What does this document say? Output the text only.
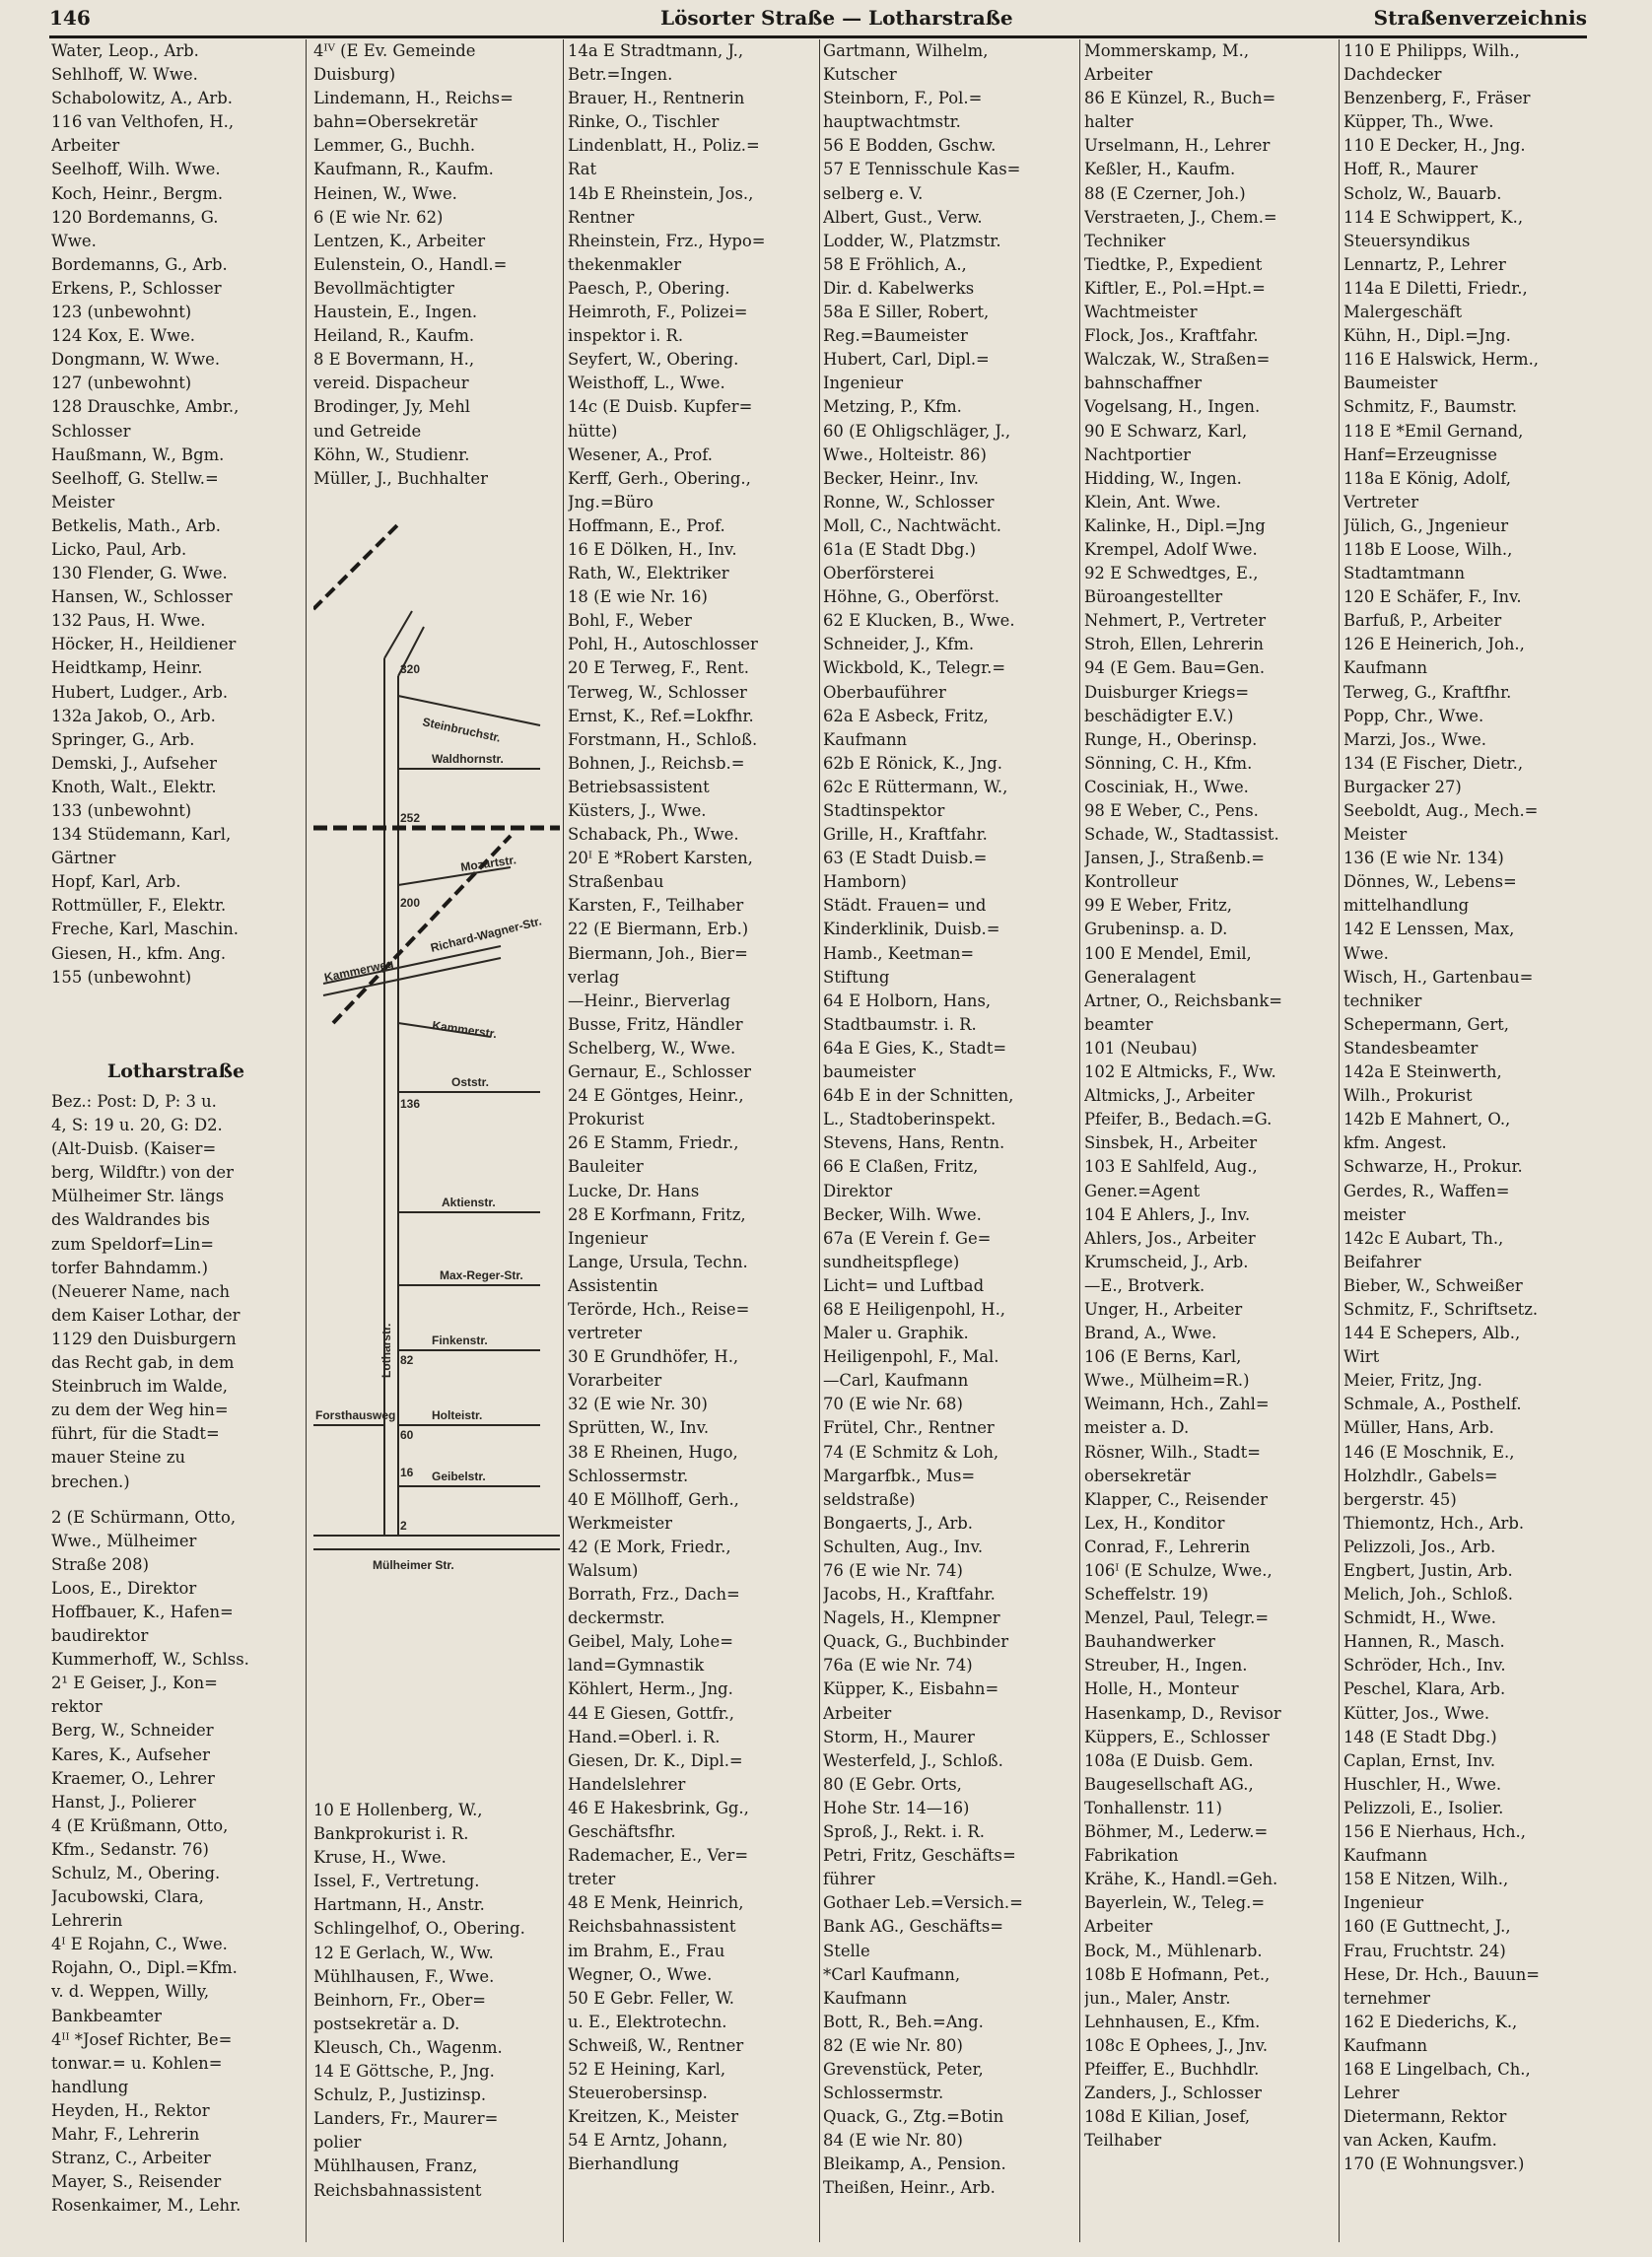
146	Lösorter Straße — Lotharstraße	Straßenverzeichnis
Water, Leop., Arb.
Sehlhoff, W. Wwe.
Schabolowitz, A., Arb.
116 van Velthofen, H.,
Arbeiter
Seelhoff, Wilh. Wwe.
Koch, Heinr., Bergm.
120 Bordemanns, G.
Wwe.
Bordemanns, G., Arb.
Erkens, P., Schlosser
123 (unbewohnt)
124 Kox, E. Wwe.
Dongmann, W. Wwe.
127 (unbewohnt)
128 Drauschke, Ambr.,
Schlosser
Haußmann, W., Bgm.
Seelhoff, G. Stellw.=
Meister
Betkelis, Math., Arb.
Licko, Paul, Arb.
130 Flender, G. Wwe.
Hansen, W., Schlosser
132 Paus, H. Wwe.
Höcker, H., Heildiener
Heidtkamp, Heinr.
Hubert, Ludger., Arb.
132a Jakob, O., Arb.
Springer, G., Arb.
Demski, J., Aufseher
Knoth, Walt., Elektr.
133 (unbewohnt)
134 Stüdemann, Karl,
Gärtner
Hopf, Karl, Arb.
Rottmüller, F., Elektr.
Freche, Karl, Maschin.
Giesen, H., kfm. Ang.
155 (unbewohnt)
Lotharstraße
Bez.: Post: D, P: 3 u.
4, S: 19 u. 20, G: D2.
(Alt-Duisb. (Kaiser=
berg, Wildftr.) von der
Mülheimer Str. längs
des Waldrandes bis
zum Speldorf=Lin=
torfer Bahndamm.)
(Neuerer Name, nach
dem Kaiser Lothar, der
1129 den Duisburgern
das Recht gab, in dem
Steinbruch im Walde,
zu dem der Weg hin=
führt, für die Stadt=
mauer Steine zu
brechen.)
2 (E Schürmann, Otto,
Wwe., Mülheimer
Straße 208)
Loos, E., Direktor
Hoffbauer, K., Hafen=
baudirektor
Kummerhoff, W., Schlss.
2¹ E Geiser, J., Kon=
rektor
Berg, W., Schneider
Kares, K., Aufseher
Kraemer, O., Lehrer
Hanst, J., Polierer
4 (E Krüßmann, Otto,
Kfm., Sedanstr. 76)
Schulz, M., Obering.
Jacubowski, Clara,
Lehrerin
4ᴵ E Rojahn, C., Wwe.
Rojahn, O., Dipl.=Kfm.
v. d. Weppen, Willy,
Bankbeamter
4ᴵᴵ *Josef Richter, Be=
tonwar.= u. Kohlen=
handlung
Heyden, H., Rektor
Mahr, F., Lehrerin
Stranz, C., Arbeiter
Mayer, S., Reisender
Rosenkaimer, M., Lehr.
4ᴵⱽ (E Ev. Gemeinde
Duisburg)
Lindemann, H., Reichs=
bahn=Obersekretär
Lemmer, G., Buchh.
Kaufmann, R., Kaufm.
Heinen, W., Wwe.
6 (E wie Nr. 62)
Lentzen, K., Arbeiter
Eulenstein, O., Handl.=
Bevollmächtigter
Haustein, E., Ingen.
Heiland, R., Kaufm.
8 E Bovermann, H.,
vereid. Dispacheur
Brodinger, Jy, Mehl
und Getreide
Köhn, W., Studienr.
Müller, J., Buchhalter
Steinbruchstr.
Waldhornstr.
Mozartstr.
Richard-Wagner-Str.
Kammerweg
Kammerstr.
Oststr.
Aktienstr.
Max-Reger-Str.
Finkenstr.
Holteistr.
Geibelstr.
Forsthausweg
Lotharstr.
Mülheimer Str.
320
252
200
136
82
60
16
2
10 E Hollenberg, W.,
Bankprokurist i. R.
Kruse, H., Wwe.
Issel, F., Vertretung.
Hartmann, H., Anstr.
Schlingelhof, O., Obering.
12 E Gerlach, W., Ww.
Mühlhausen, F., Wwe.
Beinhorn, Fr., Ober=
postsekretär a. D.
Kleusch, Ch., Wagenm.
14 E Göttsche, P., Jng.
Schulz, P., Justizinsp.
Landers, Fr., Maurer=
polier
Mühlhausen, Franz,
Reichsbahnassistent
14a E Stradtmann, J.,
Betr.=Ingen.
Brauer, H., Rentnerin
Rinke, O., Tischler
Lindenblatt, H., Poliz.=
Rat
14b E Rheinstein, Jos.,
Rentner
Rheinstein, Frz., Hypo=
thekenmakler
Paesch, P., Obering.
Heimroth, F., Polizei=
inspektor i. R.
Seyfert, W., Obering.
Weisthoff, L., Wwe.
14c (E Duisb. Kupfer=
hütte)
Wesener, A., Prof.
Kerff, Gerh., Obering.,
Jng.=Büro
Hoffmann, E., Prof.
16 E Dölken, H., Inv.
Rath, W., Elektriker
18 (E wie Nr. 16)
Bohl, F., Weber
Pohl, H., Autoschlosser
20 E Terweg, F., Rent.
Terweg, W., Schlosser
Ernst, K., Ref.=Lokfhr.
Forstmann, H., Schloß.
Bohnen, J., Reichsb.=
Betriebsassistent
Küsters, J., Wwe.
Schaback, Ph., Wwe.
20ᴵ E *Robert Karsten,
Straßenbau
Karsten, F., Teilhaber
22 (E Biermann, Erb.)
Biermann, Joh., Bier=
verlag
—Heinr., Bierverlag
Busse, Fritz, Händler
Schelberg, W., Wwe.
Gernaur, E., Schlosser
24 E Göntges, Heinr.,
Prokurist
26 E Stamm, Friedr.,
Bauleiter
Lucke, Dr. Hans
28 E Korfmann, Fritz,
Ingenieur
Lange, Ursula, Techn.
Assistentin
Terörde, Hch., Reise=
vertreter
30 E Grundhöfer, H.,
Vorarbeiter
32 (E wie Nr. 30)
Sprütten, W., Inv.
38 E Rheinen, Hugo,
Schlossermstr.
40 E Möllhoff, Gerh.,
Werkmeister
42 (E Mork, Friedr.,
Walsum)
Borrath, Frz., Dach=
deckermstr.
Geibel, Maly, Lohe=
land=Gymnastik
Köhlert, Herm., Jng.
44 E Giesen, Gottfr.,
Hand.=Oberl. i. R.
Giesen, Dr. K., Dipl.=
Handelslehrer
46 E Hakesbrink, Gg.,
Geschäftsfhr.
Rademacher, E., Ver=
treter
48 E Menk, Heinrich,
Reichsbahnassistent
im Brahm, E., Frau
Wegner, O., Wwe.
50 E Gebr. Feller, W.
u. E., Elektrotechn.
Schweiß, W., Rentner
52 E Heining, Karl,
Steuerobersinsp.
Kreitzen, K., Meister
54 E Arntz, Johann,
Bierhandlung
Gartmann, Wilhelm,
Kutscher
Steinborn, F., Pol.=
hauptwachtmstr.
56 E Bodden, Gschw.
57 E Tennisschule Kas=
selberg e. V.
Albert, Gust., Verw.
Lodder, W., Platzmstr.
58 E Fröhlich, A.,
Dir. d. Kabelwerks
58a E Siller, Robert,
Reg.=Baumeister
Hubert, Carl, Dipl.=
Ingenieur
Metzing, P., Kfm.
60 (E Ohligschläger, J.,
Wwe., Holteistr. 86)
Becker, Heinr., Inv.
Ronne, W., Schlosser
Moll, C., Nachtwächt.
61a (E Stadt Dbg.)
Oberförsterei
Höhne, G., Oberförst.
62 E Klucken, B., Wwe.
Schneider, J., Kfm.
Wickbold, K., Telegr.=
Oberbauführer
62a E Asbeck, Fritz,
Kaufmann
62b E Rönick, K., Jng.
62c E Rüttermann, W.,
Stadtinspektor
Grille, H., Kraftfahr.
63 (E Stadt Duisb.=
Hamborn)
Städt. Frauen= und
Kinderklinik, Duisb.=
Hamb., Keetman=
Stiftung
64 E Holborn, Hans,
Stadtbaumstr. i. R.
64a E Gies, K., Stadt=
baumeister
64b E in der Schnitten,
L., Stadtoberinspekt.
Stevens, Hans, Rentn.
66 E Claßen, Fritz,
Direktor
Becker, Wilh. Wwe.
67a (E Verein f. Ge=
sundheitspflege)
Licht= und Luftbad
68 E Heiligenpohl, H.,
Maler u. Graphik.
Heiligenpohl, F., Mal.
—Carl, Kaufmann
70 (E wie Nr. 68)
Frütel, Chr., Rentner
74 (E Schmitz & Loh,
Margarfbk., Mus=
seldstraße)
Bongaerts, J., Arb.
Schulten, Aug., Inv.
76 (E wie Nr. 74)
Jacobs, H., Kraftfahr.
Nagels, H., Klempner
Quack, G., Buchbinder
76a (E wie Nr. 74)
Küpper, K., Eisbahn=
Arbeiter
Storm, H., Maurer
Westerfeld, J., Schloß.
80 (E Gebr. Orts,
Hohe Str. 14—16)
Sproß, J., Rekt. i. R.
Petri, Fritz, Geschäfts=
führer
Gothaer Leb.=Versich.=
Bank AG., Geschäfts=
Stelle
*Carl Kaufmann,
Kaufmann
Bott, R., Beh.=Ang.
82 (E wie Nr. 80)
Grevenstück, Peter,
Schlossermstr.
Quack, G., Ztg.=Botin
84 (E wie Nr. 80)
Bleikamp, A., Pension.
Theißen, Heinr., Arb.
Mommerskamp, M.,
Arbeiter
86 E Künzel, R., Buch=
halter
Urselmann, H., Lehrer
Keßler, H., Kaufm.
88 (E Czerner, Joh.)
Verstraeten, J., Chem.=
Techniker
Tiedtke, P., Expedient
Kiftler, E., Pol.=Hpt.=
Wachtmeister
Flock, Jos., Kraftfahr.
Walczak, W., Straßen=
bahnschaffner
Vogelsang, H., Ingen.
90 E Schwarz, Karl,
Nachtportier
Hidding, W., Ingen.
Klein, Ant. Wwe.
Kalinke, H., Dipl.=Jng
Krempel, Adolf Wwe.
92 E Schwedtges, E.,
Büroangestellter
Nehmert, P., Vertreter
Stroh, Ellen, Lehrerin
94 (E Gem. Bau=Gen.
Duisburger Kriegs=
beschädigter E.V.)
Runge, H., Oberinsp.
Sönning, C. H., Kfm.
Cosciniak, H., Wwe.
98 E Weber, C., Pens.
Schade, W., Stadtassist.
Jansen, J., Straßenb.=
Kontrolleur
99 E Weber, Fritz,
Grubeninsp. a. D.
100 E Mendel, Emil,
Generalagent
Artner, O., Reichsbank=
beamter
101 (Neubau)
102 E Altmicks, F., Ww.
Altmicks, J., Arbeiter
Pfeifer, B., Bedach.=G.
Sinsbek, H., Arbeiter
103 E Sahlfeld, Aug.,
Gener.=Agent
104 E Ahlers, J., Inv.
Ahlers, Jos., Arbeiter
Krumscheid, J., Arb.
—E., Brotverk.
Unger, H., Arbeiter
Brand, A., Wwe.
106 (E Berns, Karl,
Wwe., Mülheim=R.)
Weimann, Hch., Zahl=
meister a. D.
Rösner, Wilh., Stadt=
obersekretär
Klapper, C., Reisender
Lex, H., Konditor
Conrad, F., Lehrerin
106ᴵ (E Schulze, Wwe.,
Scheffelstr. 19)
Menzel, Paul, Telegr.=
Bauhandwerker
Streuber, H., Ingen.
Holle, H., Monteur
Hasenkamp, D., Revisor
Küppers, E., Schlosser
108a (E Duisb. Gem.
Baugesellschaft AG.,
Tonhallenstr. 11)
Böhmer, M., Lederw.=
Fabrikation
Krähe, K., Handl.=Geh.
Bayerlein, W., Teleg.=
Arbeiter
Bock, M., Mühlenarb.
108b E Hofmann, Pet.,
jun., Maler, Anstr.
Lehnhausen, E., Kfm.
108c E Ophees, J., Jnv.
Pfeiffer, E., Buchhdlr.
Zanders, J., Schlosser
108d E Kilian, Josef,
Teilhaber
110 E Philipps, Wilh.,
Dachdecker
Benzenberg, F., Fräser
Küpper, Th., Wwe.
110 E Decker, H., Jng.
Hoff, R., Maurer
Scholz, W., Bauarb.
114 E Schwippert, K.,
Steuersyndikus
Lennartz, P., Lehrer
114a E Diletti, Friedr.,
Malergeschäft
Kühn, H., Dipl.=Jng.
116 E Halswick, Herm.,
Baumeister
Schmitz, F., Baumstr.
118 E *Emil Gernand,
Hanf=Erzeugnisse
118a E König, Adolf,
Vertreter
Jülich, G., Jngenieur
118b E Loose, Wilh.,
Stadtamtmann
120 E Schäfer, F., Inv.
Barfuß, P., Arbeiter
126 E Heinerich, Joh.,
Kaufmann
Terweg, G., Kraftfhr.
Popp, Chr., Wwe.
Marzi, Jos., Wwe.
134 (E Fischer, Dietr.,
Burgacker 27)
Seeboldt, Aug., Mech.=
Meister
136 (E wie Nr. 134)
Dönnes, W., Lebens=
mittelhandlung
142 E Lenssen, Max,
Wwe.
Wisch, H., Gartenbau=
techniker
Schepermann, Gert,
Standesbeamter
142a E Steinwerth,
Wilh., Prokurist
142b E Mahnert, O.,
kfm. Angest.
Schwarze, H., Prokur.
Gerdes, R., Waffen=
meister
142c E Aubart, Th.,
Beifahrer
Bieber, W., Schweißer
Schmitz, F., Schriftsetz.
144 E Schepers, Alb.,
Wirt
Meier, Fritz, Jng.
Schmale, A., Posthelf.
Müller, Hans, Arb.
146 (E Moschnik, E.,
Holzhdlr., Gabels=
bergerstr. 45)
Thiemontz, Hch., Arb.
Pelizzoli, Jos., Arb.
Engbert, Justin, Arb.
Melich, Joh., Schloß.
Schmidt, H., Wwe.
Hannen, R., Masch.
Schröder, Hch., Inv.
Peschel, Klara, Arb.
Kütter, Jos., Wwe.
148 (E Stadt Dbg.)
Caplan, Ernst, Inv.
Huschler, H., Wwe.
Pelizzoli, E., Isolier.
156 E Nierhaus, Hch.,
Kaufmann
158 E Nitzen, Wilh.,
Ingenieur
160 (E Guttnecht, J.,
Frau, Fruchtstr. 24)
Hese, Dr. Hch., Bauun=
ternehmer
162 E Diederichs, K.,
Kaufmann
168 E Lingelbach, Ch.,
Lehrer
Dietermann, Rektor
van Acken, Kaufm.
170 (E Wohnungsver.)
